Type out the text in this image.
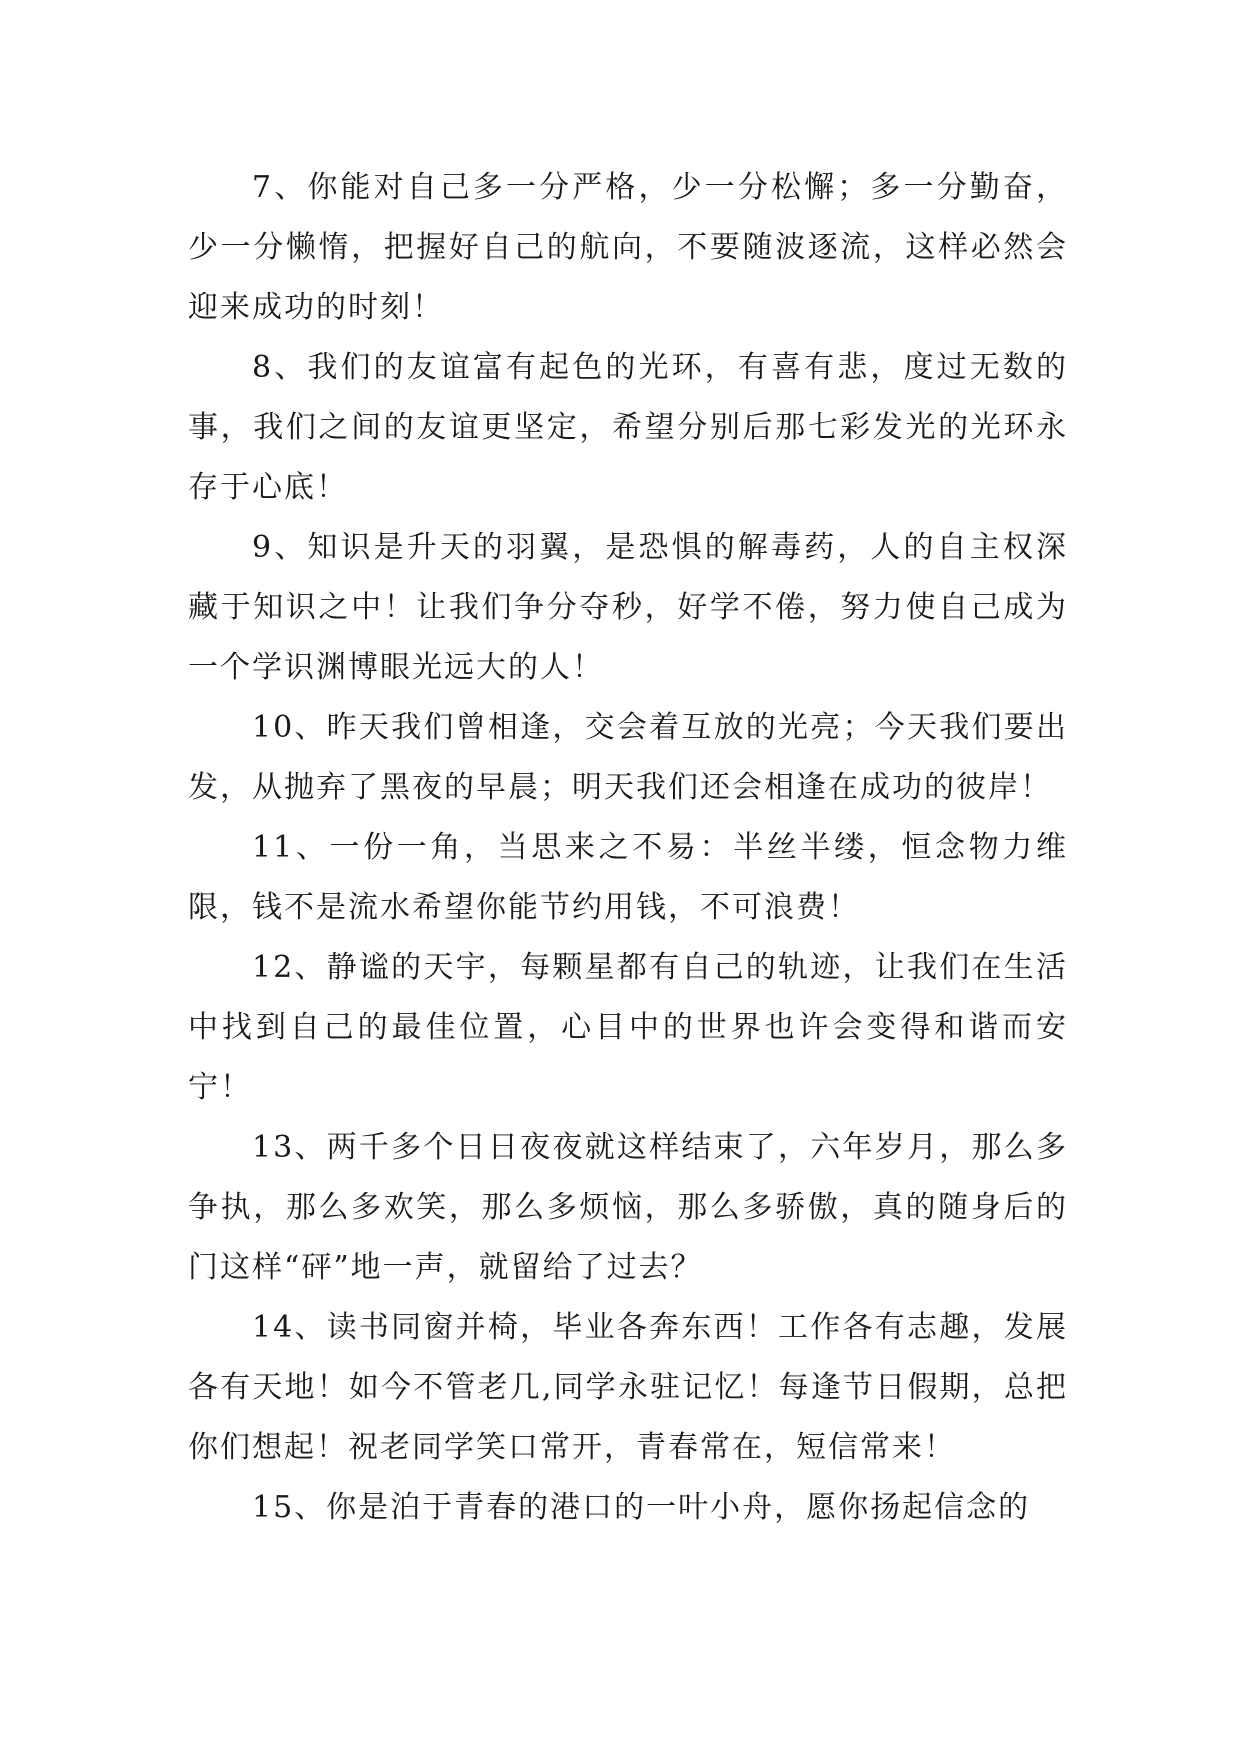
7、你能对自己多一分严格，少一分松懈；多一分勤奋，少一分懒惰，把握好自己的航向，不要随波逐流，这样必然会迎来成功的时刻！

8、我们的友谊富有起色的光环，有喜有悲，度过无数的事，我们之间的友谊更坚定，希望分别后那七彩发光的光环永存于心底！

9、知识是升天的羽翼，是恐惧的解毒药，人的自主权深藏于知识之中！让我们争分夺秒，好学不倦，努力使自己成为一个学识渊博眼光远大的人！

10、昨天我们曾相逢，交会着互放的光亮；今天我们要出发，从抛弃了黑夜的早晨；明天我们还会相逢在成功的彼岸！

11、一份一角，当思来之不易：半丝半缕，恒念物力维限，钱不是流水希望你能节约用钱，不可浪费！

12、静谧的天宇，每颗星都有自己的轨迹，让我们在生活中找到自己的最佳位置，心目中的世界也许会变得和谐而安宁！

13、两千多个日日夜夜就这样结束了，六年岁月，那么多争执，那么多欢笑，那么多烦恼，那么多骄傲，真的随身后的门这样“砰”地一声，就留给了过去？

14、读书同窗并椅，毕业各奔东西！工作各有志趣，发展各有天地！如今不管老几,同学永驻记忆！每逢节日假期，总把你们想起！祝老同学笑口常开，青春常在，短信常来！

15、你是泊于青春的港口的一叶小舟，愿你扬起信念的
